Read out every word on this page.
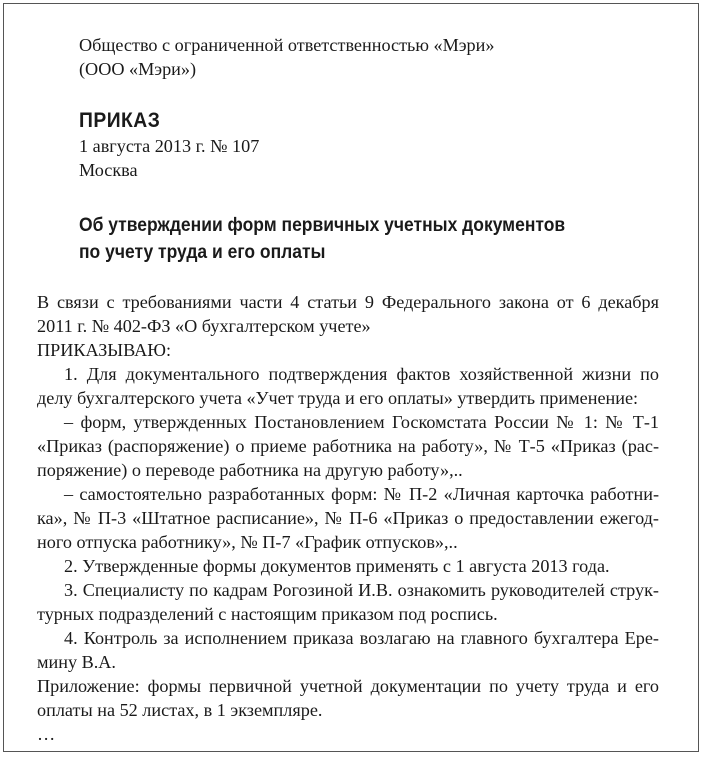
Общество с ограниченной ответственностью «Мэри»
(ООО «Мэри»)
ПРИКАЗ
1 августа 2013 г. № 107
Москва
Об утверждении форм первичных учетных документов
по учету труда и его оплаты
В связи с требованиями части 4 статьи 9 Федерального закона от 6 декабря
2011 г. № 402-ФЗ «О бухгалтерском учете»
ПРИКАЗЫВАЮ:
1. Для документального подтверждения фактов хозяйственной жизни по
делу бухгалтерского учета «Учет труда и его оплаты» утвердить применение:
– форм, утвержденных Постановлением Госкомстата России № 1: № Т-1
«Приказ (распоряжение) о приеме работника на работу», № Т-5 «Приказ (рас-
поряжение) о переводе работника на другую работу»,..
– самостоятельно разработанных форм: № П-2 «Личная карточка работни-
ка», № П-3 «Штатное расписание», № П-6 «Приказ о предоставлении ежегод-
ного отпуска работнику», № П-7 «График отпусков»,..
2. Утвержденные формы документов применять с 1 августа 2013 года.
3. Специалисту по кадрам Рогозиной И.В. ознакомить руководителей струк-
турных подразделений с настоящим приказом под роспись.
4. Контроль за исполнением приказа возлагаю на главного бухгалтера Ере-
мину В.А.
Приложение: формы первичной учетной документации по учету труда и его
оплаты на 52 листах, в 1 экземпляре.
…
